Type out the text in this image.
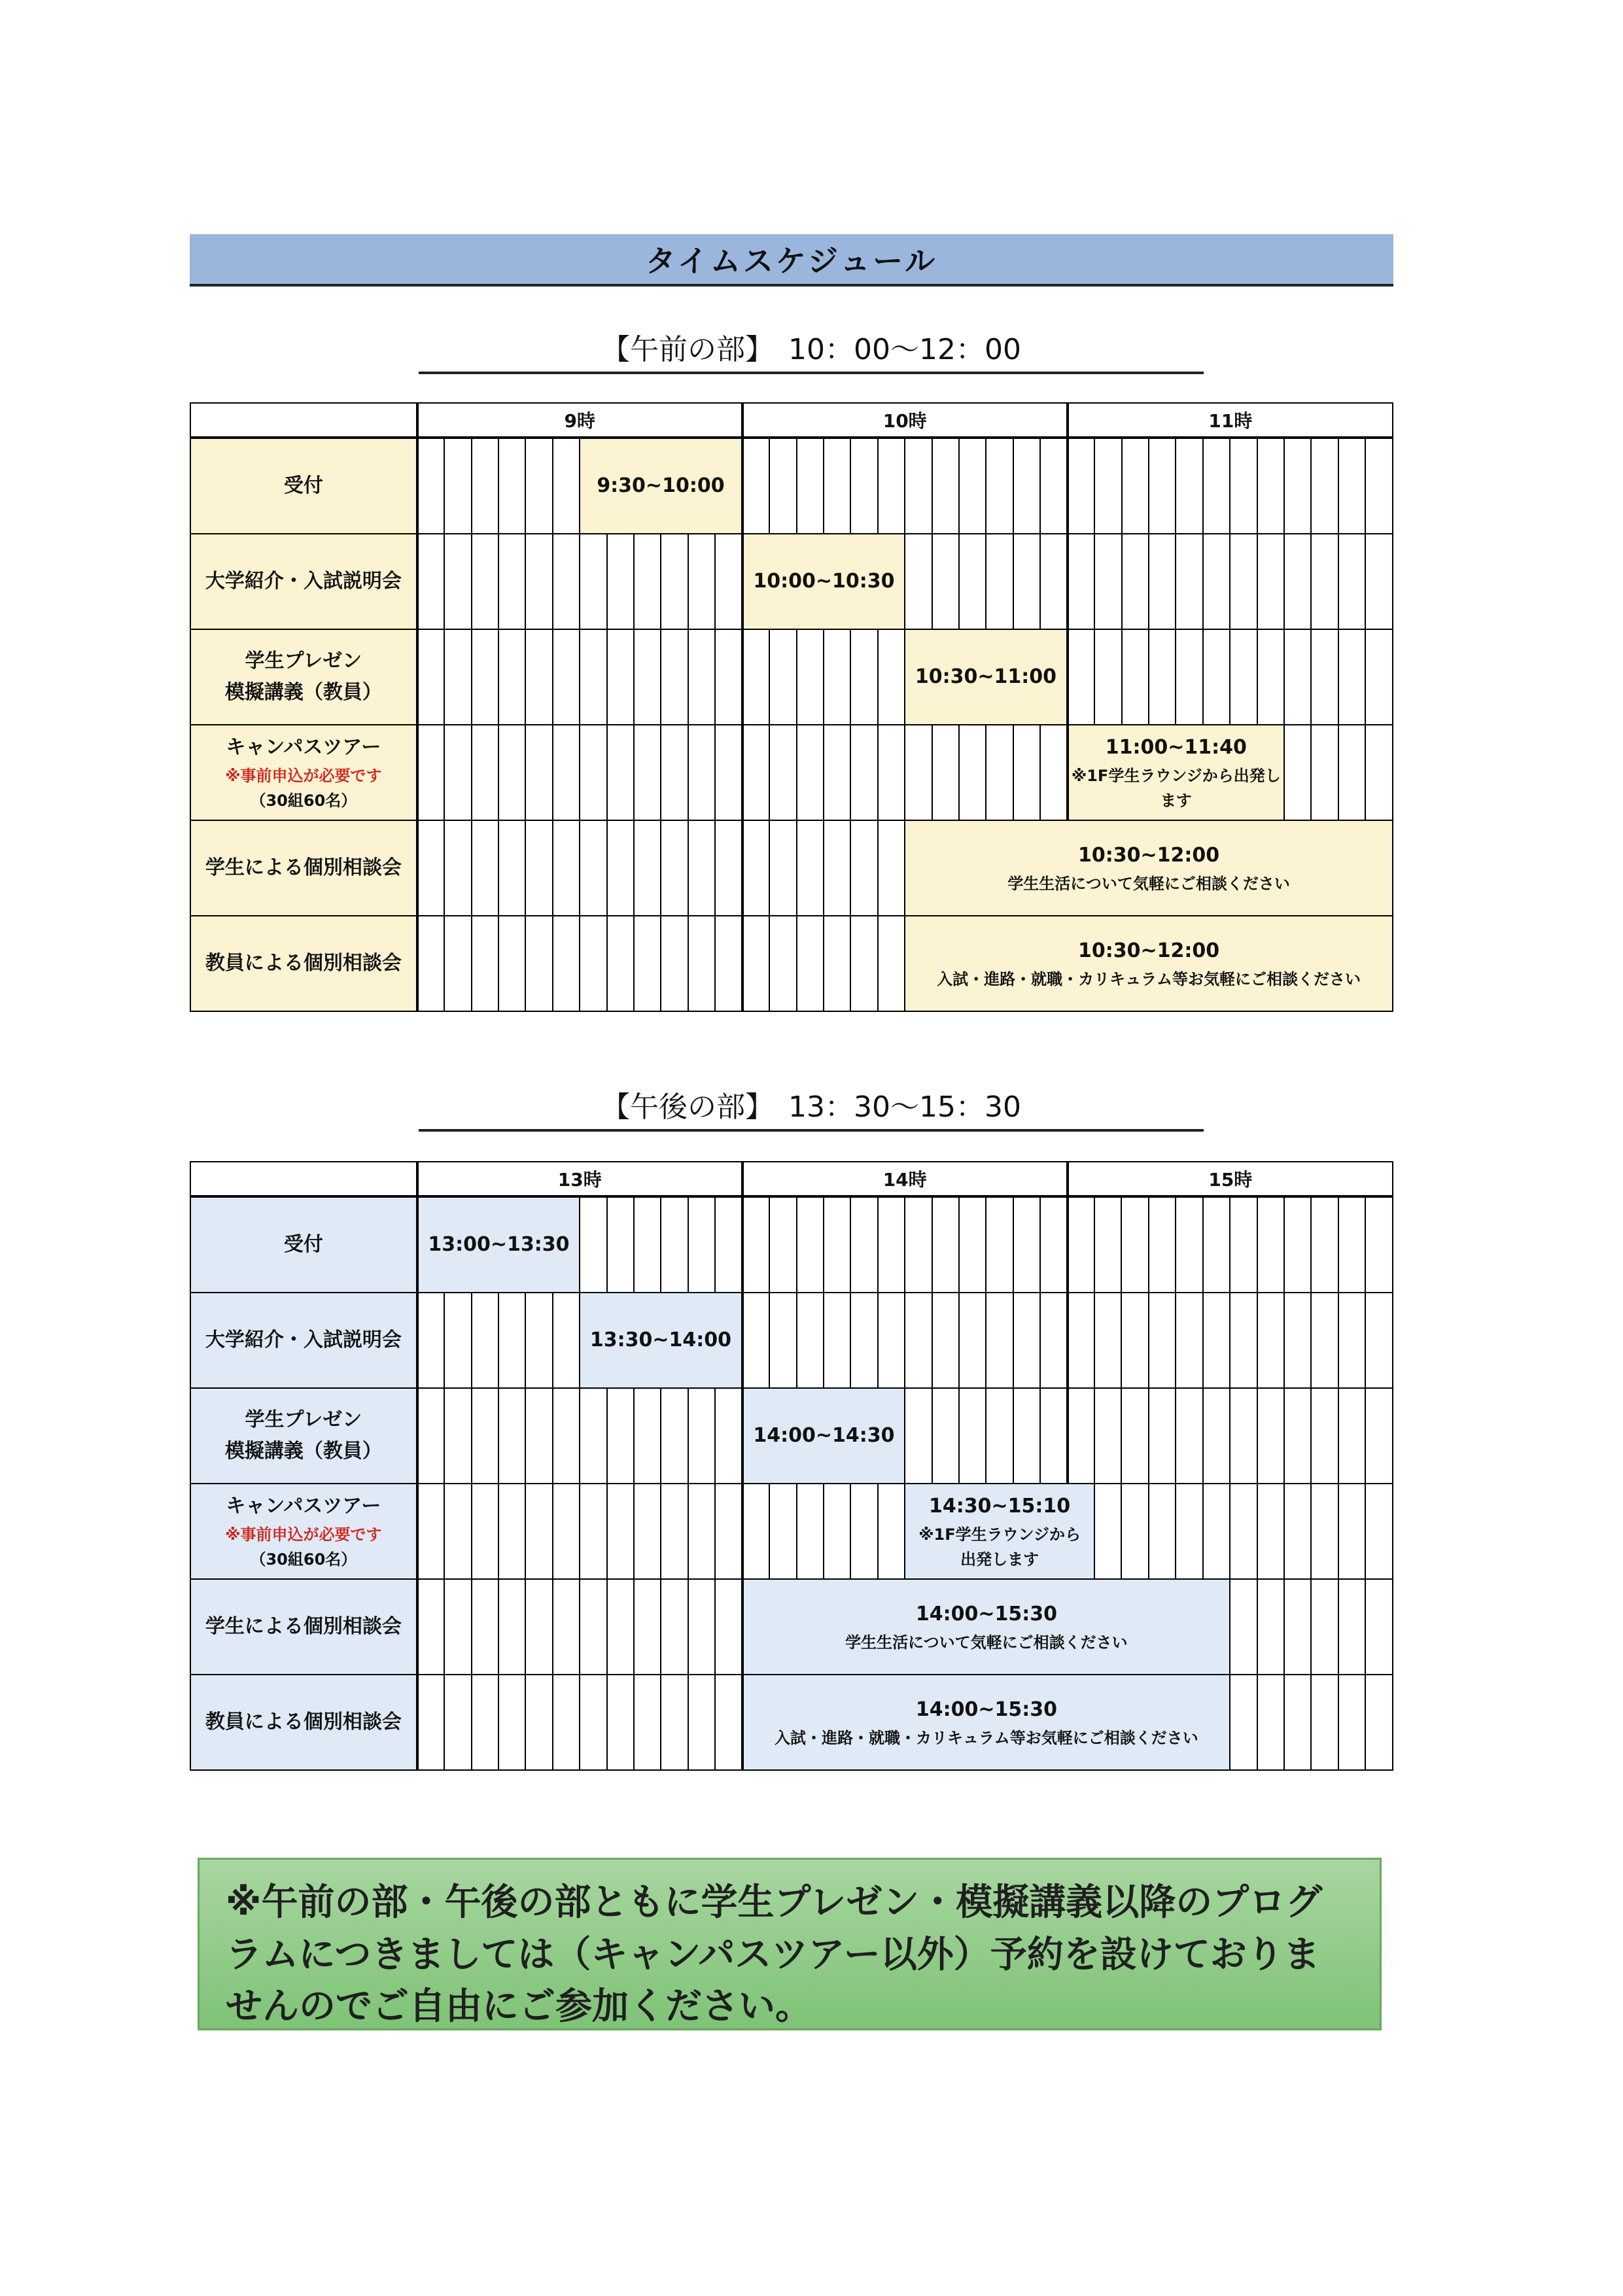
タイムスケジュール
【午前の部】　10：00〜12：00
	9時												10時												11時											
受付							9:30~10:00																													
大学紹介・入試説明会													10:00~10:30																							

学生プレゼン
模擬講義（教員）																			10:30~11:00																	

キャンパスツアー
※事前申込が必要です
（30組60名）																									11:00~11:40
※1F学生ラウンジから出発します											

学生による個別相談会																			10:30~12:00
学生生活について気軽にご相談ください																	

教員による個別相談会																			10:30~12:00
入試・進路・就職・カリキュラム等お気軽にご相談ください																	
【午後の部】　13：30〜15：30
	13時												14時												15時											
受付	13:00~13:30																																			
大学紹介・入試説明会							13:30~14:00																													

学生プレゼン
模擬講義（教員）													14:00~14:30																							

キャンパスツアー
※事前申込が必要です
（30組60名）																			14:30~15:10
※1F学生ラウンジから
出発します																	

学生による個別相談会													14:00~15:30
学生生活について気軽にご相談ください																							

教員による個別相談会													14:00~15:30
入試・進路・就職・カリキュラム等お気軽にご相談ください																							

※午前の部・午後の部ともに学生プレゼン・模擬講義以降のプログラムにつきましては（キャンパスツアー以外）予約を設けておりませんのでご自由にご参加ください。
